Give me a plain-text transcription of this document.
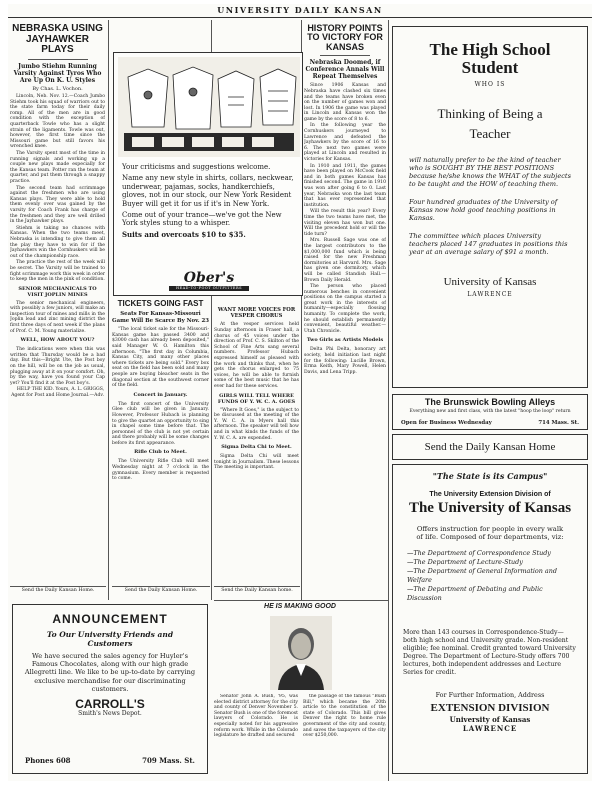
UNIVERSITY DAILY KANSAN
NEBRASKA USING JAYHAWKER PLAYS
Jumbo Stiehm Running Varsity Against Tyros Who Are Up On K. U. Styles
By Chas. L. Vochon.

Lincoln, Neb. Nov. 12.—Coach Jumbo Stiehm took his squad of warriors out to the state farm today for their daily romp. All of the men are in good condition with the exception of quarterback Towle who has a slight strain of the ligaments. Towle was out, however, the first time since the Missouri game but still favors his wrenched knee.

The Varsity spent most of the time in running signals and working up a couple new plays made especially for the Kansas team. Potter ran the team at quarter, and put them through a snappy practice.

The second team had scrimmage against the freshmen who are using Kansas plays. They were able to hold them evenly over was gained by the varsity for Coach Frank has charge of the freshmen and they are well drilled in the Jayhawker plays.

Stiehm is taking no chances with Kansas. When the two teams meet, Nebraska is intending to give them all the play they have to win for if the Jayhawkers win the Cornhuskers will be out of the championship race.

The practice the rest of the week will be secret. The Varsity will be trained to fight scrimmage work this week in order to keep the men in the pink of condition.

SENIOR MECHANICALS TO VISIT JOPLIN MINES

The senior mechanical engineers, with possibly a few juniors, will make an inspection tour of mines and mills in the Joplin lead and zinc mining district the first three days of next week if the plans of Prof. C. M. Young materialize.

WELL, HOW ABOUT YOU?

The indications were when this was written that Thursday would be a bad day. But this—Bright Ute, the Post boy on the hill, will be on the job as usual, plugging away at it on your comfort. Oh, by the way, have you found your Cap yet? You'll find it at the Post boy's.

HELP THE KID. Yours, A. L. GRIGGS, Agent for Post and Home Journal.—Adv.

Send the Daily Kansan Home.
Your criticisms and suggestions welcome.
Name any new style in shirts, collars, neckwear, underwear, pajamas, socks, handkerchiefs, gloves, not in our stock, our New York Resident Buyer will get it for us if it's in New York.
Come out of your trance—we've got the New York styles stung to a whisper.
Suits and overcoats $10 to $35.
Ober's
HEAD-TO-FOOT OUTFITTERS
TICKETS GOING FAST
Seats For Kansas-Missouri Game Will Be Scarce By Nov. 23

"The local ticket sale for the Missouri-Kansas game has passed 3400 and $3000 cash has already been deposited," said Manager W. O. Hamilton this afternoon. "The first day in Columbia, Kansas City, and many other places where tickets are being sold." Every box seat on the field has been sold and many people are buying bleacher seats in the diagonal section at the southwest corner of the field.

Concert in January.

The first concert of the University Glee club will be given in January. However, Professor Hubach is planning to give the quartet an opportunity to sing in chapel some time before that. The personnel of the club is not yet certain and there probably will be some changes before its first appearance.

Rifle Club to Meet.

The University Rifle Club will meet Wednesday night at 7 o'clock in the gymnasium. Every member is requested to come.

Send the Daily Kansan Home.
WANT MORE VOICES FOR VESPER CHORUS

At the vesper services held Sunday afternoon in Fraser hall, a chorus of 45 voices under the direction of Prof. C. S. Skilton of the School of Fine Arts sang several numbers. Professor Hubach expressed himself as pleased with the work and thinks that, when he gets the chorus enlarged to 75 voices, he will be able to furnish some of the best music that he has ever had for these services.

GIRLS WILL TELL WHERE FUNDS OF Y. W. C. A. GOES

"Where It Goes," is the subject to be discussed at the meeting of the Y. W. C. A. in Myers hall this afternoon. The speaker will tell how and in what kinds the funds of the Y. W. C. A. are expended.

Sigma Delta Chi to Meet.

Sigma Delta Chi will meet tonight in Journalism. These lessons The meeting is important.

Send the Daily Kansan home.
HISTORY POINTS TO VICTORY FOR KANSAS
Nebraska Doomed, if Conference Annals Will Repeat Themselves

Since 1906 Kansas and Nebraska have clashed six times and the teams have broken even on the number of games won and lost. In 1906 the game was played in Lincoln and Kansas won the game by the score of 8 to 6.

In the following year the Cornhuskers journeyed to Lawrence and defeated the Jayhawkers by the score of 16 to 6. The next two games were played at Lincoln and resulted in victories for Kansas.

In 1910 and 1911, the games have been played on McCook field and in both games Kansas has finished second. The game in 1910 was won after going 6 to 0. Last year, Nebraska won the last team that has ever represented that institution.

Will the result this year? Every time the two teams have met, the visiting eleven has won but one. Will the precedent hold or will the tide turn?

Mrs. Russell Sage was one of the largest contributors to the $1,000,000 fund which is being raised for the new Freshman dormitories at Harvard. Mrs. Sage has given one dormitory, which will be called Standish Hall.—Brown Daily Herald.

The person who placed numerous benches in convenient positions on the campus started a great work in the interests of humanity—especially flossing humanity. To complete the work, he should establish permanently convenient, beautiful weather.—Utah Chronicle.

Two Girls as Artists Models

Delta Phi Delta, honorary art society, held initiation last night for the following: Lucille Brown, Erma Keith, Mary Powell, Helen Davis, and Lena Tripp.

HE IS MAKING GOOD

Senator John A. Bush, '95, was elected district attorney for the city and county of Denver November 5. Senator Bush is one of the foremost lawyers of Colorado. He is especially noted for his aggressive reform work. While in the Colorado legislature he drafted and secured

the passage of the famous "Bush Bill," which became the 20th article to the constitution of the state of Colorado. This bill gives Denver the right to home rule government of the city and county, and saves the taxpayers of the city over $250,000.

ANNOUNCEMENT
To Our University Friends and Customers
We have secured the sales agency for Huyler's Famous Chocolates, along with our high grade Allegretti line. We like to be up-to-date by carrying exclusive merchandise for our discriminating customers.
CARROLL'S
Smith's News Depot.
Phones 608	709 Mass. St.
The High School
Student
WHO IS
Thinking of Being a
Teacher
will naturally prefer to be the kind of teacher who is SOUGHT BY THE BEST POSITIONS because he/she knows the WHAT of the subjects to be taught and the HOW of teaching them.
Four hundred graduates of the University of Kansas now hold good teaching positions in Kansas.
The committee which places University teachers placed 147 graduates in positions this year at an average salary of $91 a month.
University of Kansas
LAWRENCE
The Brunswick Bowling Alleys
Everything new and first class, with the latest "hoop the loop" return
Open for Business Wednesday	714 Mass. St.
Send the Daily Kansan Home
"The State is its Campus"
The University Extension Division of
The University of Kansas
Offers instruction for people in every walk
of life. Composed of four departments, viz:
—The Department of Correspondence Study
—The Department of Lecture-Study
—The Department of General Information and Welfare
—The Department of Debating and Public Discussion
More than 143 courses in Correspondence-Study—both high school and University grade. Non-resident eligible; fee nominal. Credit granted toward University Degree. The Department of Lecture-Study offers 700 lectures, both independent addresses and Lecture Series for credit.
For Further Information, Address
EXTENSION DIVISION
University of Kansas
LAWRENCE
